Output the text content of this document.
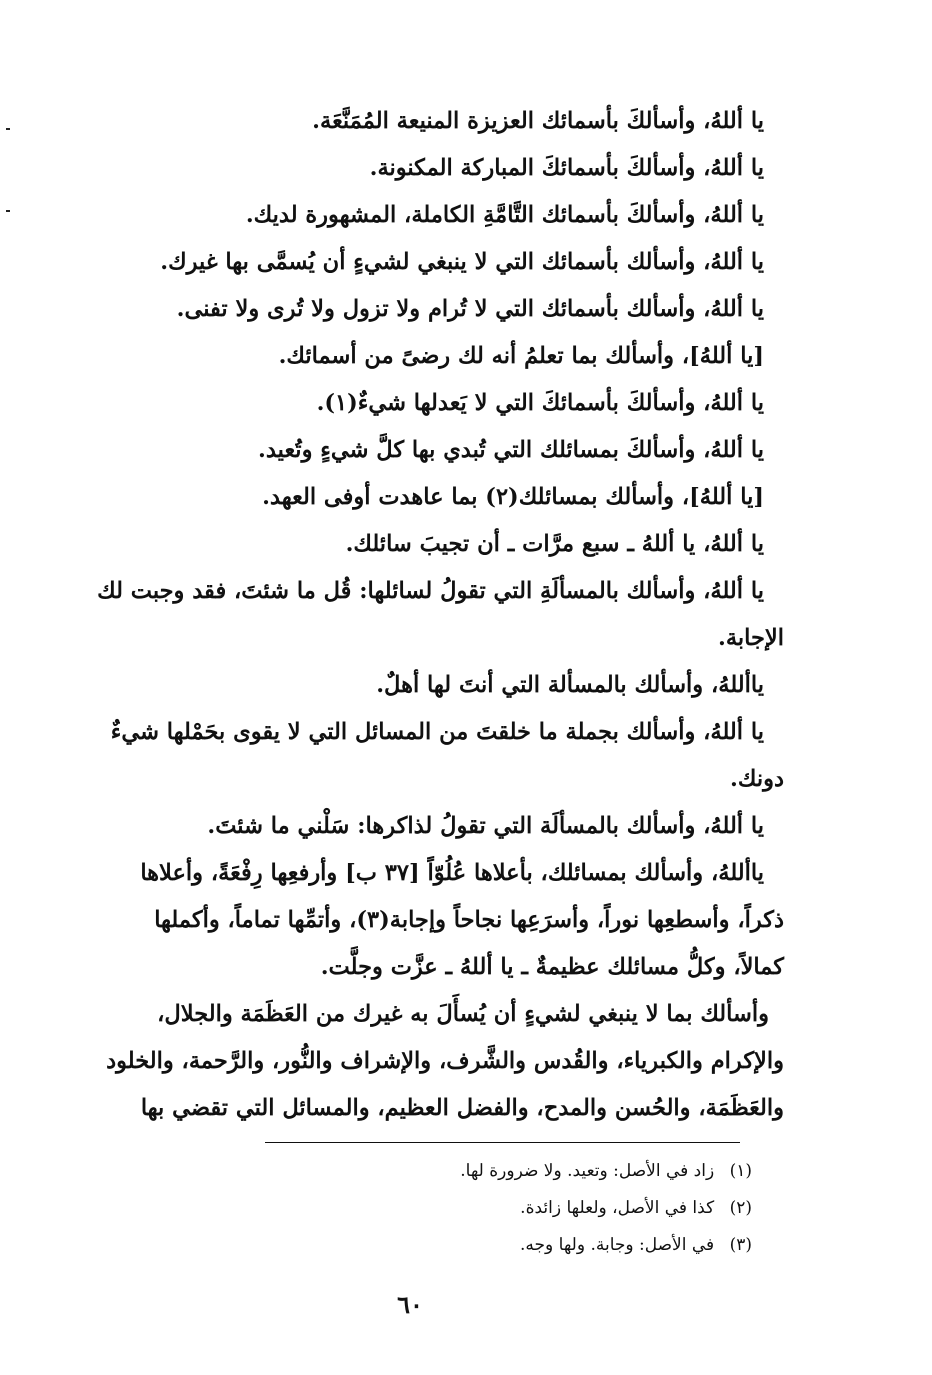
يا أللهُ، وأسألكَ بأسمائك العزيزة المنيعة المُمَنَّعَة.
يا أللهُ، وأسألكَ بأسمائكَ المباركة المكنونة.
يا أللهُ، وأسألكَ بأسمائك التَّامَّةِ الكاملة، المشهورة لديك.
يا أللهُ، وأسألك بأسمائك التي لا ينبغي لشيءٍ أن يُسمَّى بها غيرك.
يا أللهُ، وأسألك بأسمائك التي لا تُرام ولا تزول ولا تُرى ولا تفنى.
[يا أللهُ]، وأسألك بما تعلمُ أنه لك رضىً من أسمائك.
يا أللهُ، وأسألكَ بأسمائكَ التي لا يَعدلها شيءٌ(١).
يا أللهُ، وأسألكَ بمسائلك التي تُبدي بها كلَّ شيءٍ وتُعيد.
[يا أللهُ]، وأسألك بمسائلك(٢) بما عاهدت أوفى العهد.
يا أللهُ، يا أللهُ ـ سبع مرَّات ـ أن تجيبَ سائلك.
يا أللهُ، وأسألك بالمسألَةِ التي تقولُ لسائلها: قُل ما شئتَ، فقد وجبت لك
الإجابة.
ياأللهُ، وأسألك بالمسألة التي أنتَ لها أهلٌ.
يا أللهُ، وأسألك بجملة ما خلقتَ من المسائل التي لا يقوى بحَمْلها شيءٌ
دونك.
يا أللهُ، وأسألك بالمسألَة التي تقولُ لذاكرها: سَلْني ما شئتَ.
ياأللهُ، وأسألك بمسائلك، بأعلاها عُلُوّاً [٣٧ ب] وأرفعِها رِفْعَةً، وأعلاها
ذكراً، وأسطعِها نوراً، وأسرَعِها نجاحاً وإجابة(٣)، وأتمِّها تماماً، وأكملها
كمالاً، وكلُّ مسائلك عظيمةٌ ـ يا أللهُ ـ عزَّت وجلَّت.
وأسألك بما لا ينبغي لشيءٍ أن يُسأَلَ به غيرك من العَظَمَة والجلال،
والإكرام والكبرياء، والقُدس والشَّرف، والإشراف والنُّور، والرَّحمة، والخلود
والعَظَمَة، والحُسن والمدح، والفضل العظيم، والمسائل التي تقضي بها
(١) زاد في الأصل: وتعيد. ولا ضرورة لها.
(٢) كذا في الأصل، ولعلها زائدة.
(٣) في الأصل: وجابة. ولها وجه.
٦٠
